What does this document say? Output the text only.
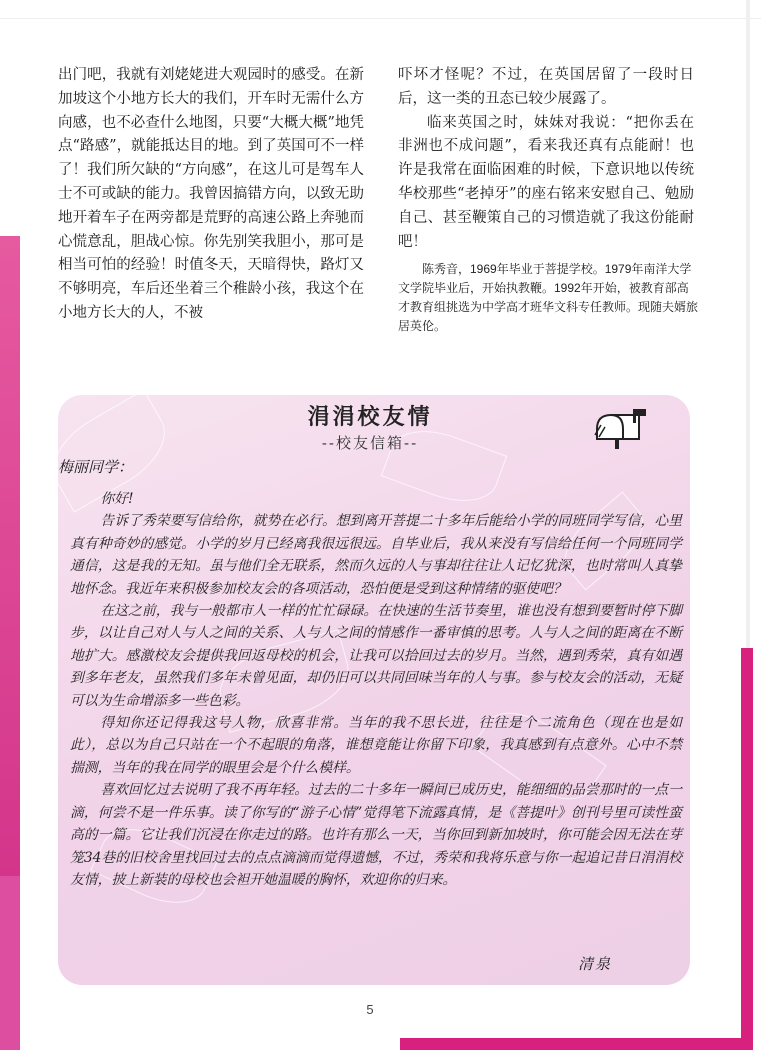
出门吧，我就有刘姥姥进大观园时的感受。在新加坡这个小地方长大的我们，开车时无需什么方向感，也不必查什么地图，只要“大概大概”地凭点“路感”，就能抵达目的地。到了英国可不一样了！我们所欠缺的“方向感”，在这儿可是驾车人士不可或缺的能力。我曾因搞错方向，以致无助地开着车子在两旁都是荒野的高速公路上奔驰而心慌意乱，胆战心惊。你先别笑我胆小，那可是相当可怕的经验！时值冬天，天暗得快，路灯又不够明亮，车后还坐着三个稚龄小孩，我这个在小地方长大的人，不被

吓坏才怪呢？不过，在英国居留了一段时日后，这一类的丑态已较少展露了。

临来英国之时，妹妹对我说：“把你丢在非洲也不成问题”，看来我还真有点能耐！也许是我常在面临困难的时候，下意识地以传统华校那些“老掉牙”的座右铭来安慰自己、勉励自己、甚至鞭策自己的习惯造就了我这份能耐吧！

陈秀音，1969年毕业于菩提学校。1979年南洋大学文学院毕业后，开始执教鞭。1992年开始，被教育部高才教育组挑选为中学高才班华文科专任教师。现随夫婿旅居英伦。
涓涓校友情
--校友信箱--
梅丽同学：

你好!

告诉了秀荣要写信给你，就势在必行。想到离开菩提二十多年后能给小学的同班同学写信，心里真有种奇妙的感觉。小学的岁月已经离我很远很远。自毕业后，我从来没有写信给任何一个同班同学通信，这是我的无知。虽与他们全无联系，然而久远的人与事却往往让人记忆犹深，也时常叫人真挚地怀念。我近年来积极参加校友会的各项活动，恐怕便是受到这种情绪的驱使吧？

在这之前，我与一般都市人一样的忙忙碌碌。在快速的生活节奏里，谁也没有想到要暂时停下脚步，以让自己对人与人之间的关系、人与人之间的情感作一番审慎的思考。人与人之间的距离在不断地扩大。感激校友会提供我回返母校的机会，让我可以拾回过去的岁月。当然，遇到秀荣，真有如遇到多年老友，虽然我们多年未曾见面，却仍旧可以共同回味当年的人与事。参与校友会的活动，无疑可以为生命增添多一些色彩。

得知你还记得我这号人物，欣喜非常。当年的我不思长进，往往是个二流角色（现在也是如此），总以为自己只站在一个不起眼的角落，谁想竟能让你留下印象，我真感到有点意外。心中不禁揣测，当年的我在同学的眼里会是个什么模样。

喜欢回忆过去说明了我不再年轻。过去的二十多年一瞬间已成历史，能细细的品尝那时的一点一滴，何尝不是一件乐事。读了你写的“游子心情”觉得笔下流露真情，是《菩提叶》创刊号里可读性蛮高的一篇。它让我们沉浸在你走过的路。也许有那么一天，当你回到新加坡时，你可能会因无法在芽笼34巷的旧校舍里找回过去的点点滴滴而觉得遗憾，不过，秀荣和我将乐意与你一起追记昔日涓涓校友情，披上新装的母校也会袒开她温暖的胸怀，欢迎你的归来。

清泉
5
